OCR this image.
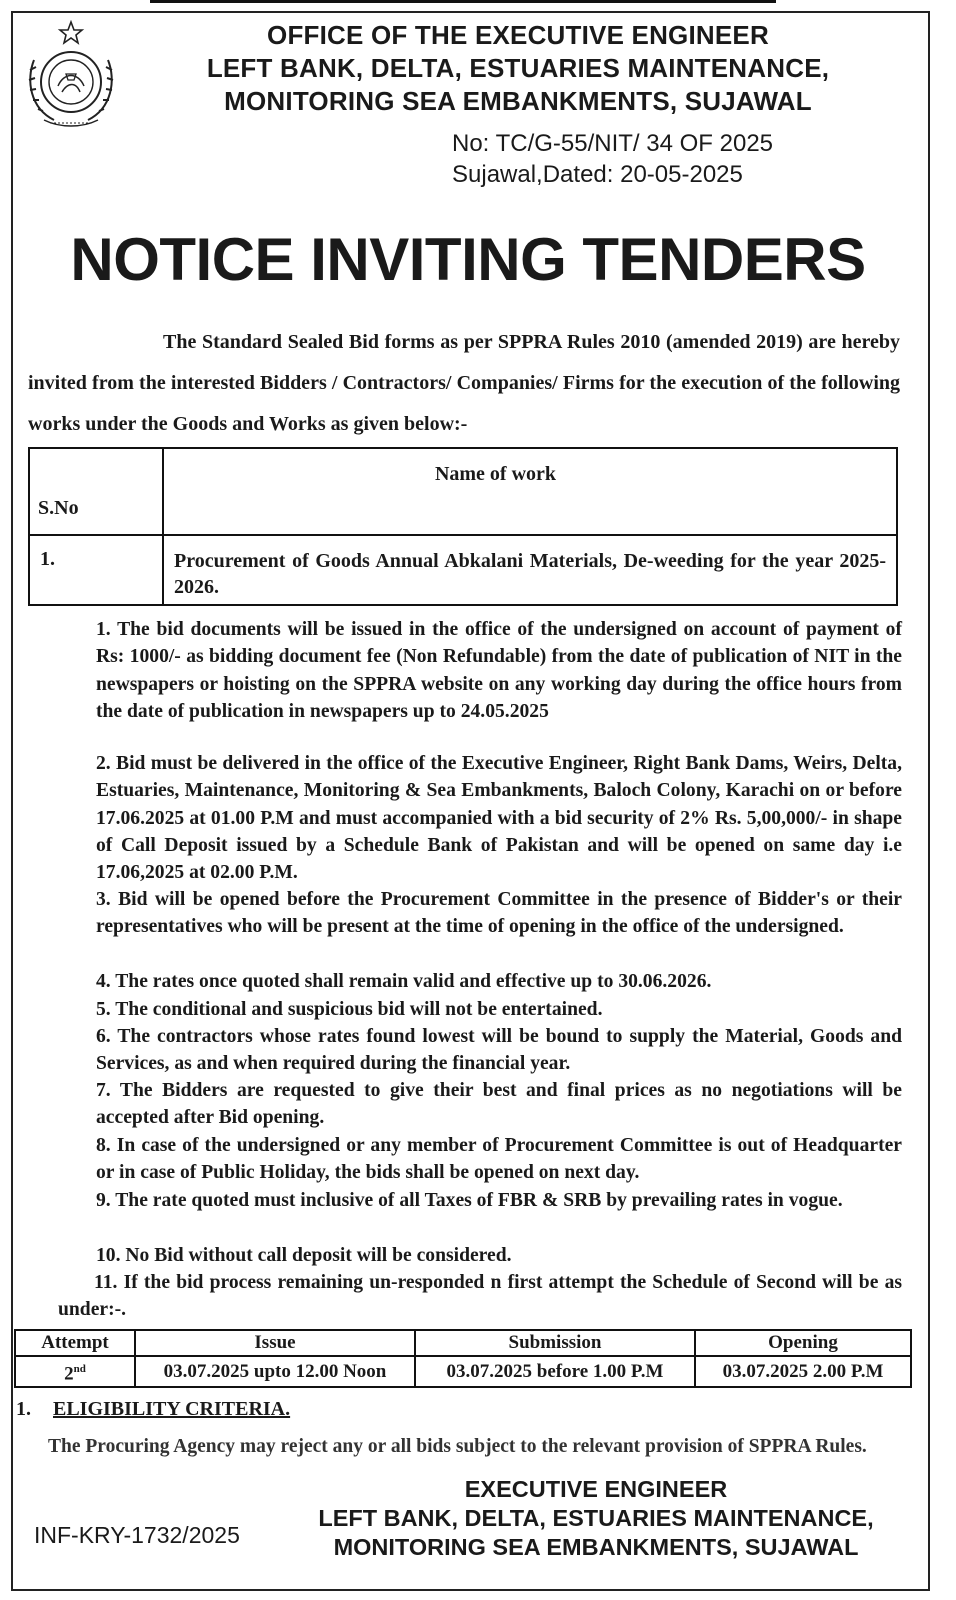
OFFICE OF THE EXECUTIVE ENGINEER
LEFT BANK, DELTA, ESTUARIES MAINTENANCE,
MONITORING SEA EMBANKMENTS, SUJAWAL
No: TC/G-55/NIT/ 34 OF 2025
Sujawal,Dated: 20-05-2025
NOTICE INVITING TENDERS
The Standard Sealed Bid forms as per SPPRA Rules 2010 (amended 2019) are hereby invited from the interested Bidders / Contractors/ Companies/ Firms for the execution of the following works under the Goods and Works as given below:-
S.No	Name of work
1.	Procurement of Goods Annual Abkalani Materials, De-weeding for the year 2025-2026.
1. The bid documents will be issued in the office of the undersigned on account of payment of Rs: 1000/- as bidding document fee (Non Refundable) from the date of publication of NIT in the newspapers or hoisting on the SPPRA website on any working day during the office hours from the date of publication in newspapers up to 24.05.2025
2. Bid must be delivered in the office of the Executive Engineer, Right Bank Dams, Weirs, Delta, Estuaries, Maintenance, Monitoring & Sea Embankments, Baloch Colony, Karachi on or before 17.06.2025 at 01.00 P.M and must accompanied with a bid security of 2% Rs. 5,00,000/- in shape of Call Deposit issued by a Schedule Bank of Pakistan and will be opened on same day i.e 17.06,2025 at 02.00 P.M.
3. Bid will be opened before the Procurement Committee in the presence of Bidder's or their representatives who will be present at the time of opening in the office of the undersigned.
4. The rates once quoted shall remain valid and effective up to 30.06.2026.
5. The conditional and suspicious bid will not be entertained.
6. The contractors whose rates found lowest will be bound to supply the Material, Goods and Services, as and when required during the financial year.
7. The Bidders are requested to give their best and final prices as no negotiations will be accepted after Bid opening.
8. In case of the undersigned or any member of Procurement Committee is out of Headquarter or in case of Public Holiday, the bids shall be opened on next day.
9. The rate quoted must inclusive of all Taxes of FBR & SRB by prevailing rates in vogue.
10. No Bid without call deposit will be considered.
11. If the bid process remaining un-responded n first attempt the Schedule of Second will be as under:-.
Attempt	Issue	Submission	Opening
2nd	03.07.2025 upto 12.00 Noon	03.07.2025 before 1.00 P.M	03.07.2025 2.00 P.M
1. ELIGIBILITY CRITERIA.
The Procuring Agency may reject any or all bids subject to the relevant provision of SPPRA Rules.
EXECUTIVE ENGINEER
LEFT BANK, DELTA, ESTUARIES MAINTENANCE,
MONITORING SEA EMBANKMENTS, SUJAWAL
INF-KRY-1732/2025
